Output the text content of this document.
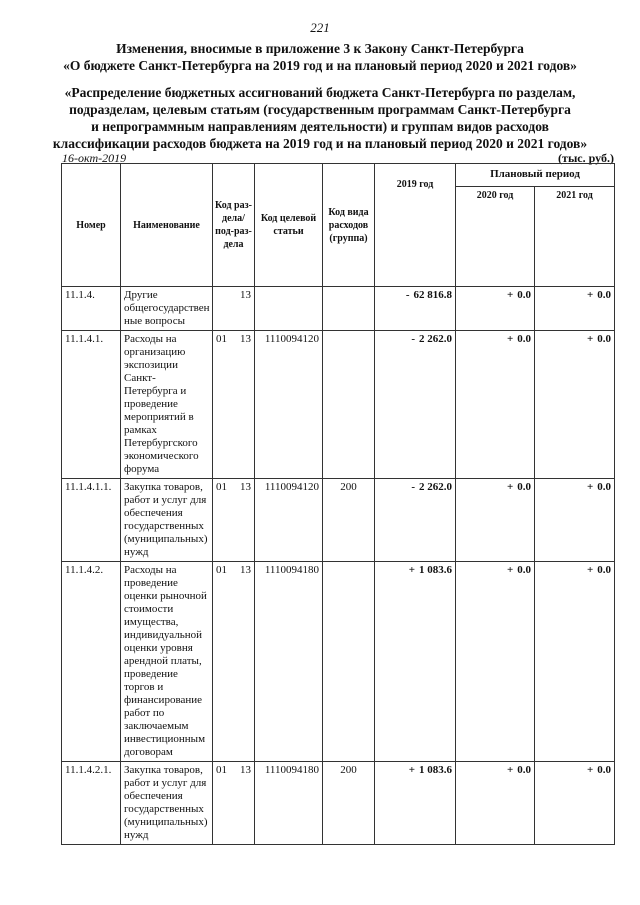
221
Изменения, вносимые в приложение 3 к Закону Санкт-Петербурга
«О бюджете Санкт-Петербурга на 2019 год и на плановый период 2020 и 2021 годов»
«Распределение бюджетных ассигнований бюджета Санкт-Петербурга по разделам,
подразделам, целевым статьям (государственным программам Санкт-Петербурга
и непрограммным направлениям деятельности) и группам видов расходов
классификации расходов бюджета на 2019 год и на плановый период 2020 и 2021 годов»
16-окт-2019	(тыс. руб.)
Номер	Наименование	Код раз-дела/ под-раз-дела	Код целевой статьи	Код вида расходов (группа)	2019 год	Плановый период	
						2020 год	2021 год
11.1.4.	Другие общегосударствен ные вопросы	13			- 62 816.8	+ 0.0	+ 0.0
11.1.4.1.	Расходы на организацию экспозиции Санкт-Петербурга и проведение мероприятий в рамках Петербургского экономического форума	01 13	1110094120		- 2 262.0	+ 0.0	+ 0.0
11.1.4.1.1.	Закупка товаров, работ и услуг для обеспечения государственных (муниципальных) нужд	01 13	1110094120	200	- 2 262.0	+ 0.0	+ 0.0
11.1.4.2.	Расходы на проведение оценки рыночной стоимости имущества, индивидуальной оценки уровня арендной платы, проведение торгов и финансирование работ по заключаемым инвестиционным договорам	01 13	1110094180		+ 1 083.6	+ 0.0	+ 0.0
11.1.4.2.1.	Закупка товаров, работ и услуг для обеспечения государственных (муниципальных) нужд	01 13	1110094180	200	+ 1 083.6	+ 0.0	+ 0.0
